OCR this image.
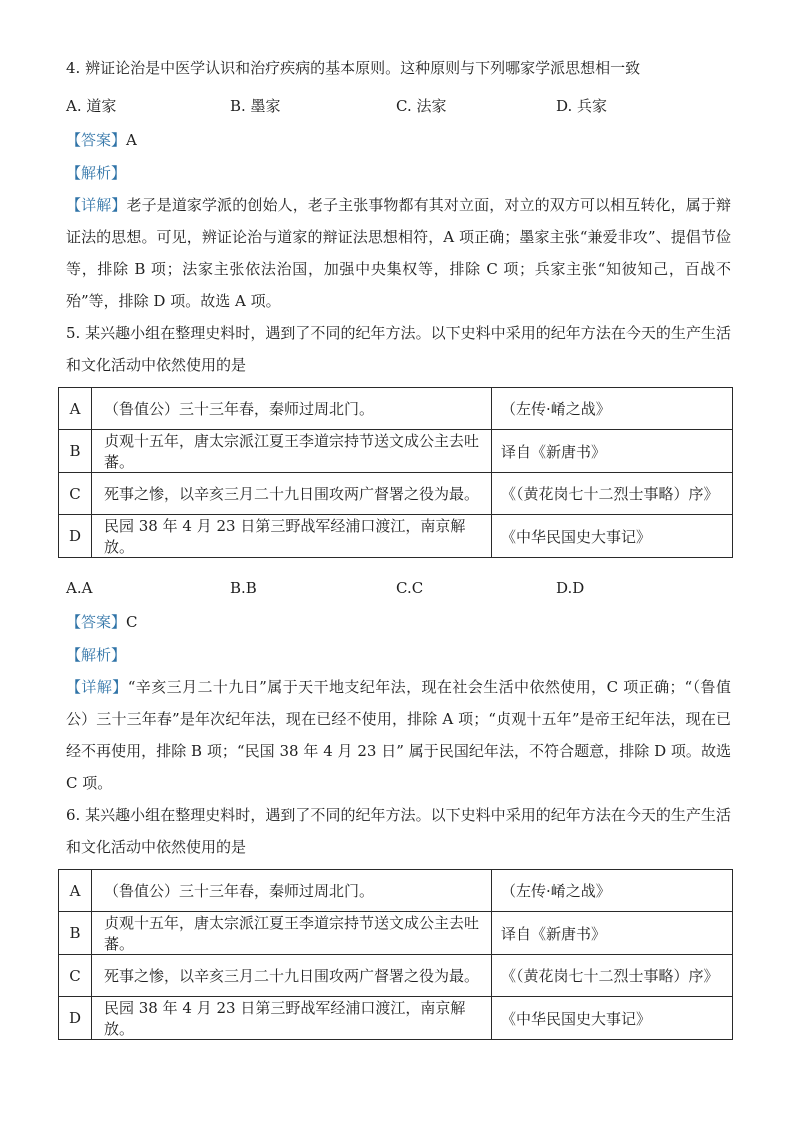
4. 辨证论治是中医学认识和治疗疾病的基本原则。这种原则与下列哪家学派思想相一致

A. 道家	B. 墨家	C. 法家	D. 兵家

【答案】A

【解析】

【详解】老子是道家学派的创始人，老子主张事物都有其对立面，对立的双方可以相互转化，属于辩证法的思想。可见，辨证论治与道家的辩证法思想相符，A 项正确；墨家主张“兼爱非攻”、提倡节俭等，排除 B 项；法家主张依法治国，加强中央集权等，排除 C 项；兵家主张“知彼知己，百战不殆”等，排除 D 项。故选 A 项。

5. 某兴趣小组在整理史料时，遇到了不同的纪年方法。以下史料中采用的纪年方法在今天的生产生活和文化活动中依然使用的是

A	（鲁值公）三十三年春，秦师过周北门。	（左传·崤之战》
B	贞观十五年，唐太宗派江夏王李道宗持节送文成公主去吐蕃。	译自《新唐书》
C	死事之惨，以辛亥三月二十九日围攻两广督署之役为最。	《（黄花岗七十二烈士事略）序》
D	民园 38 年 4 月 23 日第三野战军经浦口渡江，南京解放。	《中华民国史大事记》
A.A	B.B	C.C	D.D

【答案】C

【解析】

【详解】“辛亥三月二十九日”属于天干地支纪年法，现在社会生活中依然使用，C 项正确；“（鲁值公）三十三年春”是年次纪年法，现在已经不使用，排除 A 项；“贞观十五年”是帝王纪年法，现在已经不再使用，排除 B 项；“民国 38 年 4 月 23 日” 属于民国纪年法，不符合题意，排除 D 项。故选 C 项。

6. 某兴趣小组在整理史料时，遇到了不同的纪年方法。以下史料中采用的纪年方法在今天的生产生活和文化活动中依然使用的是

A	（鲁值公）三十三年春，秦师过周北门。	（左传·崤之战》
B	贞观十五年，唐太宗派江夏王李道宗持节送文成公主去吐蕃。	译自《新唐书》
C	死事之惨，以辛亥三月二十九日围攻两广督署之役为最。	《（黄花岗七十二烈士事略）序》
D	民园 38 年 4 月 23 日第三野战军经浦口渡江，南京解放。	《中华民国史大事记》
